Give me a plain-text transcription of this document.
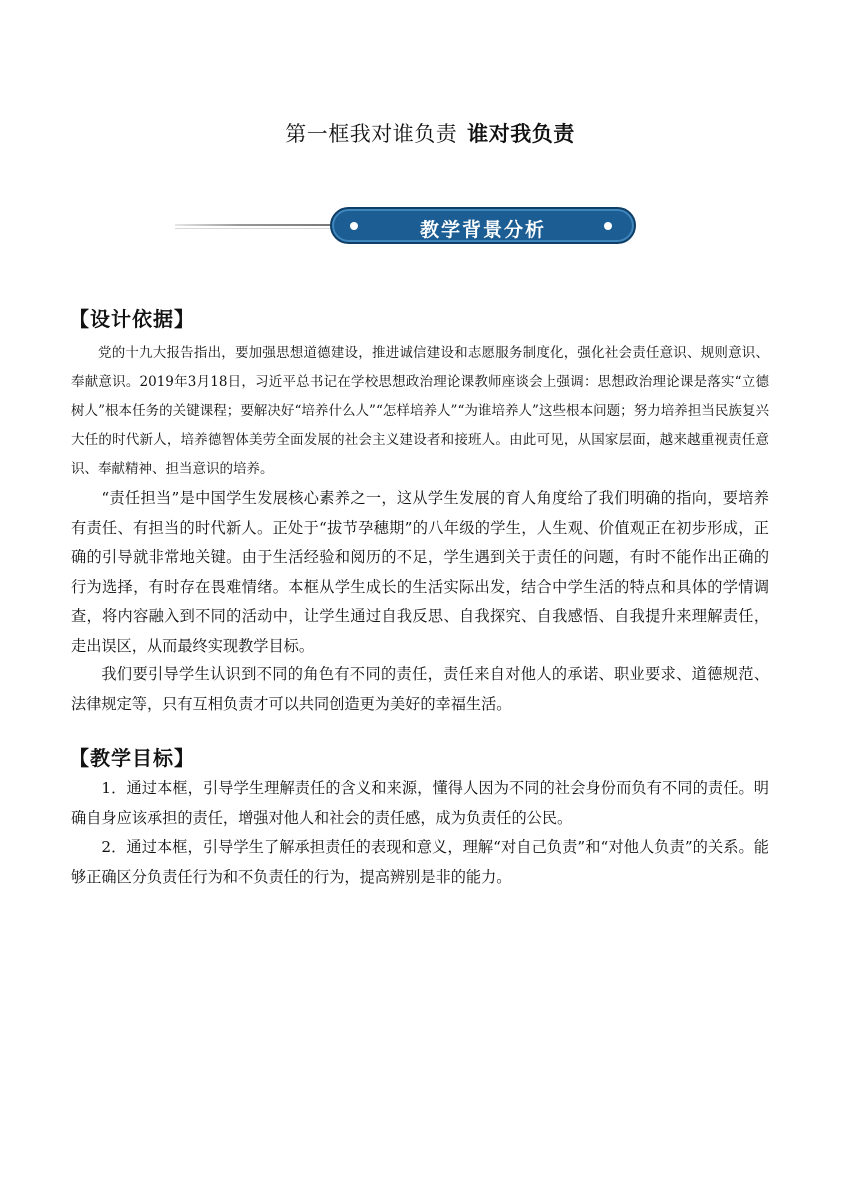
第一框我对谁负责 谁对我负责
教学背景分析
【设计依据】

党的十九大报告指出，要加强思想道德建设，推进诚信建设和志愿服务制度化，强化社会责任意识、规则意识、奉献意识。2019年3月18日，习近平总书记在学校思想政治理论课教师座谈会上强调：思想政治理论课是落实“立德树人”根本任务的关键课程；要解决好“培养什么人”“怎样培养人”“为谁培养人”这些根本问题；努力培养担当民族复兴大任的时代新人，培养德智体美劳全面发展的社会主义建设者和接班人。由此可见，从国家层面，越来越重视责任意识、奉献精神、担当意识的培养。

“责任担当”是中国学生发展核心素养之一，这从学生发展的育人角度给了我们明确的指向，要培养有责任、有担当的时代新人。正处于“拔节孕穗期”的八年级的学生，人生观、价值观正在初步形成，正确的引导就非常地关键。由于生活经验和阅历的不足，学生遇到关于责任的问题，有时不能作出正确的行为选择，有时存在畏难情绪。本框从学生成长的生活实际出发，结合中学生活的特点和具体的学情调查，将内容融入到不同的活动中，让学生通过自我反思、自我探究、自我感悟、自我提升来理解责任，走出误区，从而最终实现教学目标。

我们要引导学生认识到不同的角色有不同的责任，责任来自对他人的承诺、职业要求、道德规范、法律规定等，只有互相负责才可以共同创造更为美好的幸福生活。

【教学目标】

1．通过本框，引导学生理解责任的含义和来源，懂得人因为不同的社会身份而负有不同的责任。明确自身应该承担的责任，增强对他人和社会的责任感，成为负责任的公民。

2．通过本框，引导学生了解承担责任的表现和意义，理解“对自己负责”和“对他人负责”的关系。能够正确区分负责任行为和不负责任的行为，提高辨别是非的能力。
